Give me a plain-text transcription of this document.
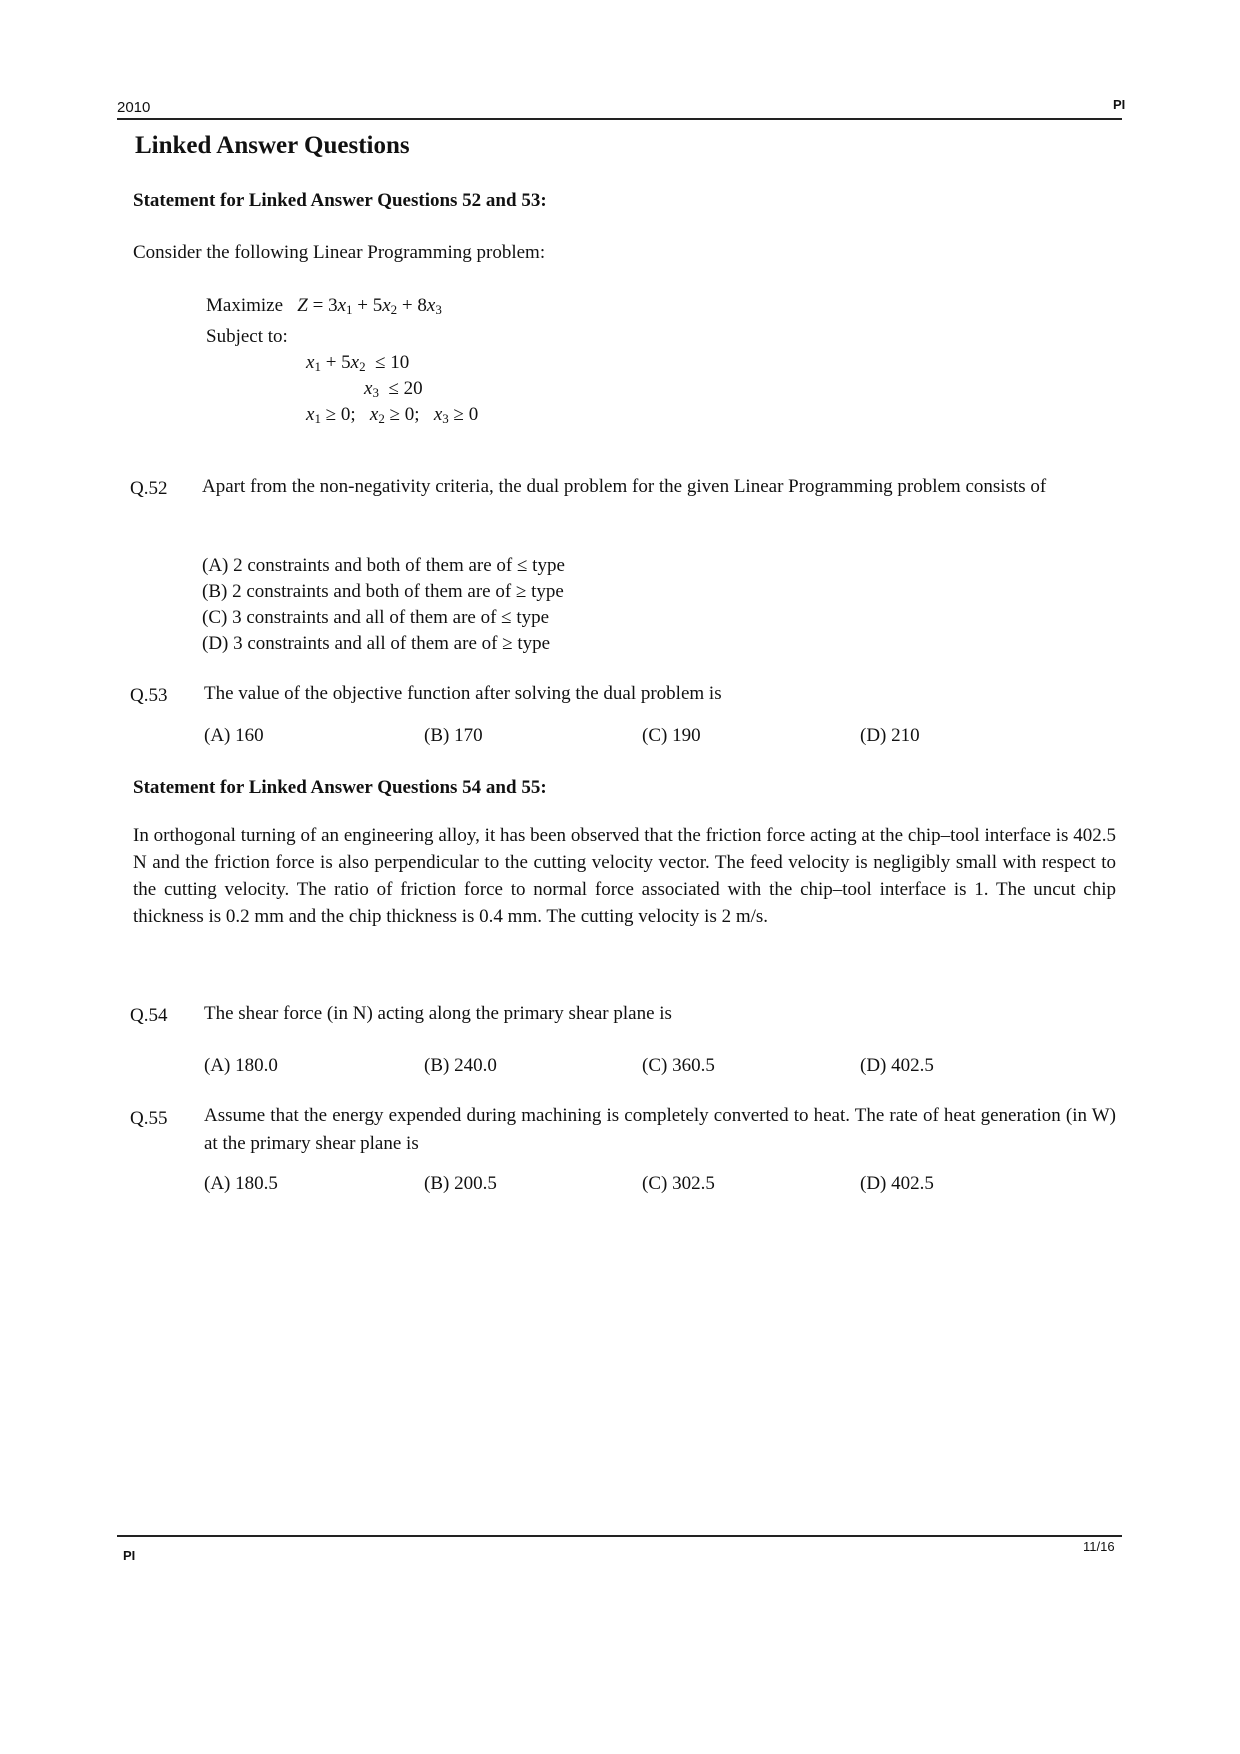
2010	PI
Linked Answer Questions
Statement for Linked Answer Questions 52 and 53:
Consider the following Linear Programming problem:
Maximize $Z = 3x_1 + 5x_2 + 8x_3$
Subject to:
$x_1 + 5x_2 \le 10$
$x_3 \le 20$
$x_1 \ge 0$;   $x_2 \ge 0$;   $x_3 \ge 0$
Q.52 Apart from the non-negativity criteria, the dual problem for the given Linear Programming problem consists of
(A) 2 constraints and both of them are of ≤ type
(B) 2 constraints and both of them are of ≥ type
(C) 3 constraints and all of them are of ≤ type
(D) 3 constraints and all of them are of ≥ type
Q.53 The value of the objective function after solving the dual problem is
(A) 160	(B) 170	(C) 190	(D) 210
Statement for Linked Answer Questions 54 and 55:
In orthogonal turning of an engineering alloy, it has been observed that the friction force acting at the chip–tool interface is 402.5 N and the friction force is also perpendicular to the cutting velocity vector. The feed velocity is negligibly small with respect to the cutting velocity. The ratio of friction force to normal force associated with the chip–tool interface is 1. The uncut chip thickness is 0.2 mm and the chip thickness is 0.4 mm. The cutting velocity is 2 m/s.
Q.54 The shear force (in N) acting along the primary shear plane is
(A) 180.0	(B) 240.0	(C) 360.5	(D) 402.5
Q.55 Assume that the energy expended during machining is completely converted to heat. The rate of heat generation (in W) at the primary shear plane is
(A) 180.5	(B) 200.5	(C) 302.5	(D) 402.5
PI
11/16
